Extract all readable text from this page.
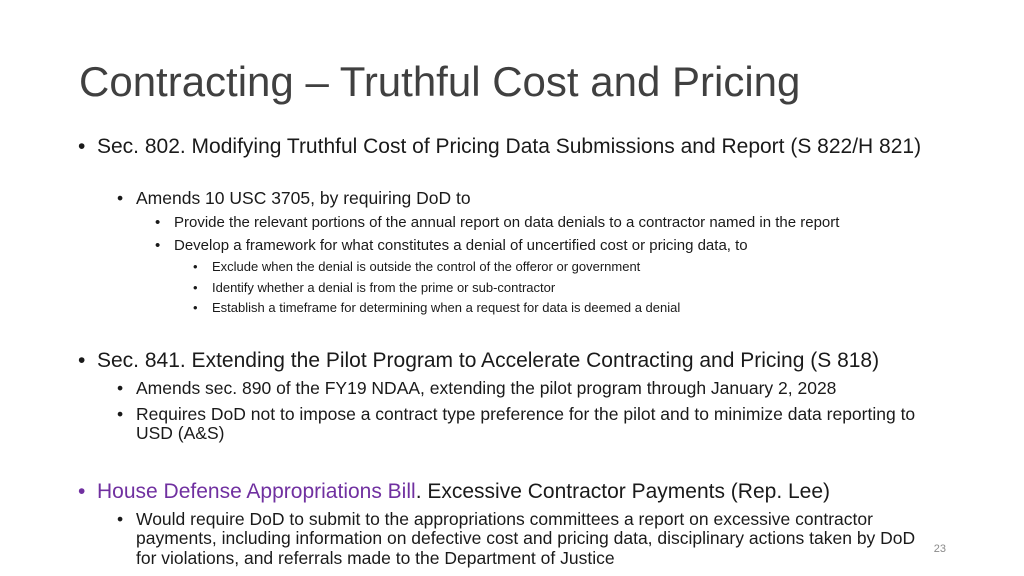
Contracting – Truthful Cost and Pricing
• Sec. 802. Modifying Truthful Cost of Pricing Data Submissions and Report (S 822/H 821)
• Amends 10 USC 3705, by requiring DoD to
• Provide the relevant portions of the annual report on data denials to a contractor named in the report
• Develop a framework for what constitutes a denial of uncertified cost or pricing data, to
• Exclude when the denial is outside the control of the offeror or government
• Identify whether a denial is from the prime or sub-contractor
• Establish a timeframe for determining when a request for data is deemed a denial
• Sec. 841. Extending the Pilot Program to Accelerate Contracting and Pricing (S 818)
• Amends sec. 890 of the FY19 NDAA, extending the pilot program through January 2, 2028
• Requires DoD not to impose a contract type preference for the pilot and to minimize data reporting to USD (A&S)
• House Defense Appropriations Bill. Excessive Contractor Payments (Rep. Lee)
• Would require DoD to submit to the appropriations committees a report on excessive contractor payments, including information on defective cost and pricing data, disciplinary actions taken by DoD for violations, and referrals made to the Department of Justice	23
